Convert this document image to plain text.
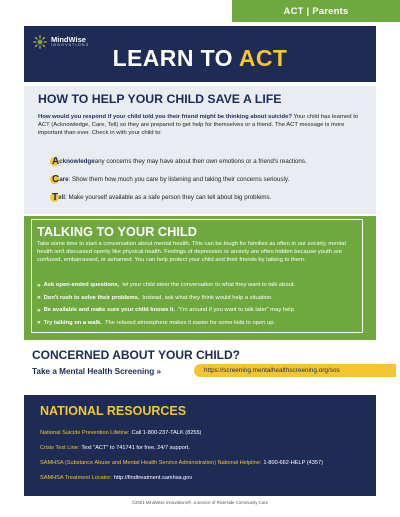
ACT | Parents
MindWise
INNOVATIONS	LEARN TO ACT
HOW TO HELP YOUR CHILD SAVE A LIFE
How would you respond if your child told you their friend might be thinking about suicide? Your child has learned to ACT (Acknowledge, Care, Tell) so they are prepared to get help for themselves or a friend. The ACT message is more important than ever. Check in with your child to:
A cknowledge any concerns they may have about their own emotions or a friend's reactions.
C are : Show them how much you care by listening and taking their concerns seriously.
T ell : Make yourself available as a safe person they can tell about big problems.
TALKING TO YOUR CHILD
Take some time to start a conversation about mental health. This can be tough for families as often in our society, mental health isn't discussed openly like physical health. Feelings of depression or anxiety are often hidden because youth are confused, embarrassed, or ashamed. You can help protect your child and their friends by talking to them.
» Ask open-ended questions, let your child steer the conversation to what they want to talk about.
» Don't rush to solve their problems. Instead, ask what they think would help a situation.
» Be available and make sure your child knows it. "I'm around if you want to talk later" may help.
» Try talking on a walk. The relaxed atmosphere makes it easier for some kids to open up.
CONCERNED ABOUT YOUR CHILD?
Take a Mental Health Screening »	https://screening.mentalhealthscreening.org/sos
NATIONAL RESOURCES
National Suicide Prevention Lifeline: Call 1-800-237-TALK (8255)
Crisis Text Line: Text "ACT" to 741741 for free, 24/7 support.
SAMHSA (Substance Abuse and Mental Health Service Administration) National Helpline: 1-800-662-HELP (4357)
SAMHSA Treatment Locator: http://findtreatment.samhsa.gov
©2021 MindWise Innovations®, a service of Riverside Community Care
